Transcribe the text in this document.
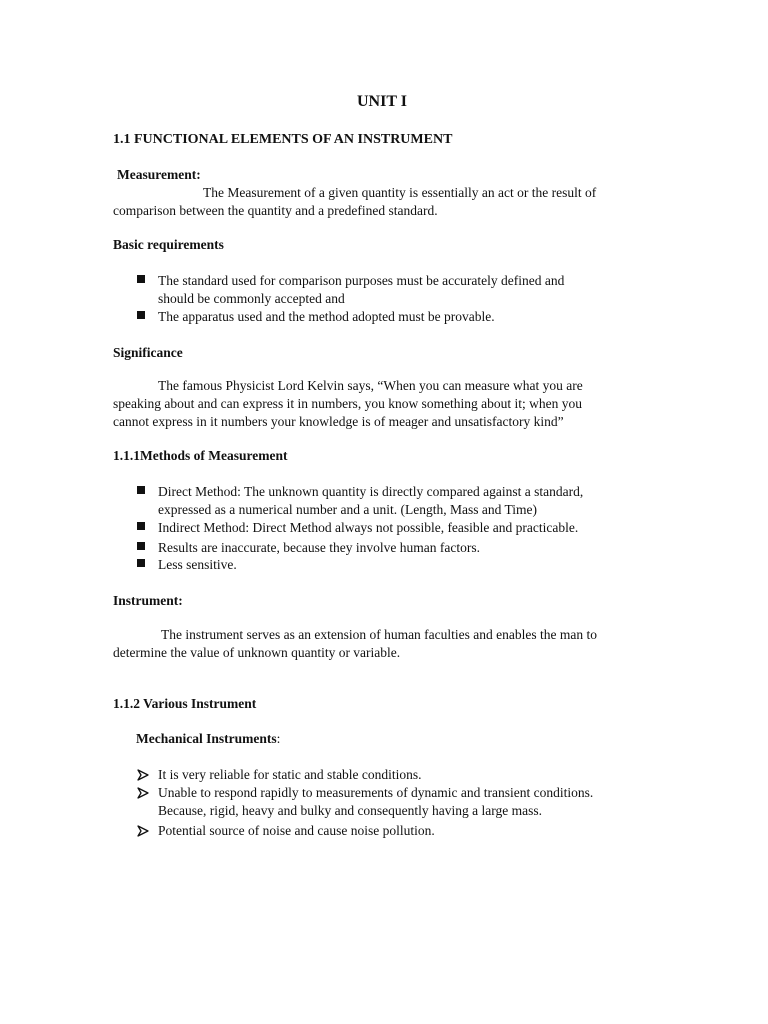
UNIT I
1.1 FUNCTIONAL ELEMENTS OF AN INSTRUMENT
Measurement:
The Measurement of a given quantity is essentially an act or the result of
comparison between the quantity and a predefined standard.
Basic requirements
The standard used for comparison purposes must be accurately defined and
should be commonly accepted and
The apparatus used and the method adopted must be provable.
Significance
The famous Physicist Lord Kelvin says, “When you can measure what you are
speaking about and can express it in numbers, you know something about it; when you
cannot express in it numbers your knowledge is of meager and unsatisfactory kind”
1.1.1Methods of Measurement
Direct Method: The unknown quantity is directly compared against a standard,
expressed as a numerical number and a unit. (Length, Mass and Time)
Indirect Method: Direct Method always not possible, feasible and practicable.
Results are inaccurate, because they involve human factors.
Less sensitive.
Instrument:
The instrument serves as an extension of human faculties and enables the man to
determine the value of unknown quantity or variable.
1.1.2 Various Instrument
Mechanical Instruments:
It is very reliable for static and stable conditions.
Unable to respond rapidly to measurements of dynamic and transient conditions.
Because, rigid, heavy and bulky and consequently having a large mass.
Potential source of noise and cause noise pollution.
